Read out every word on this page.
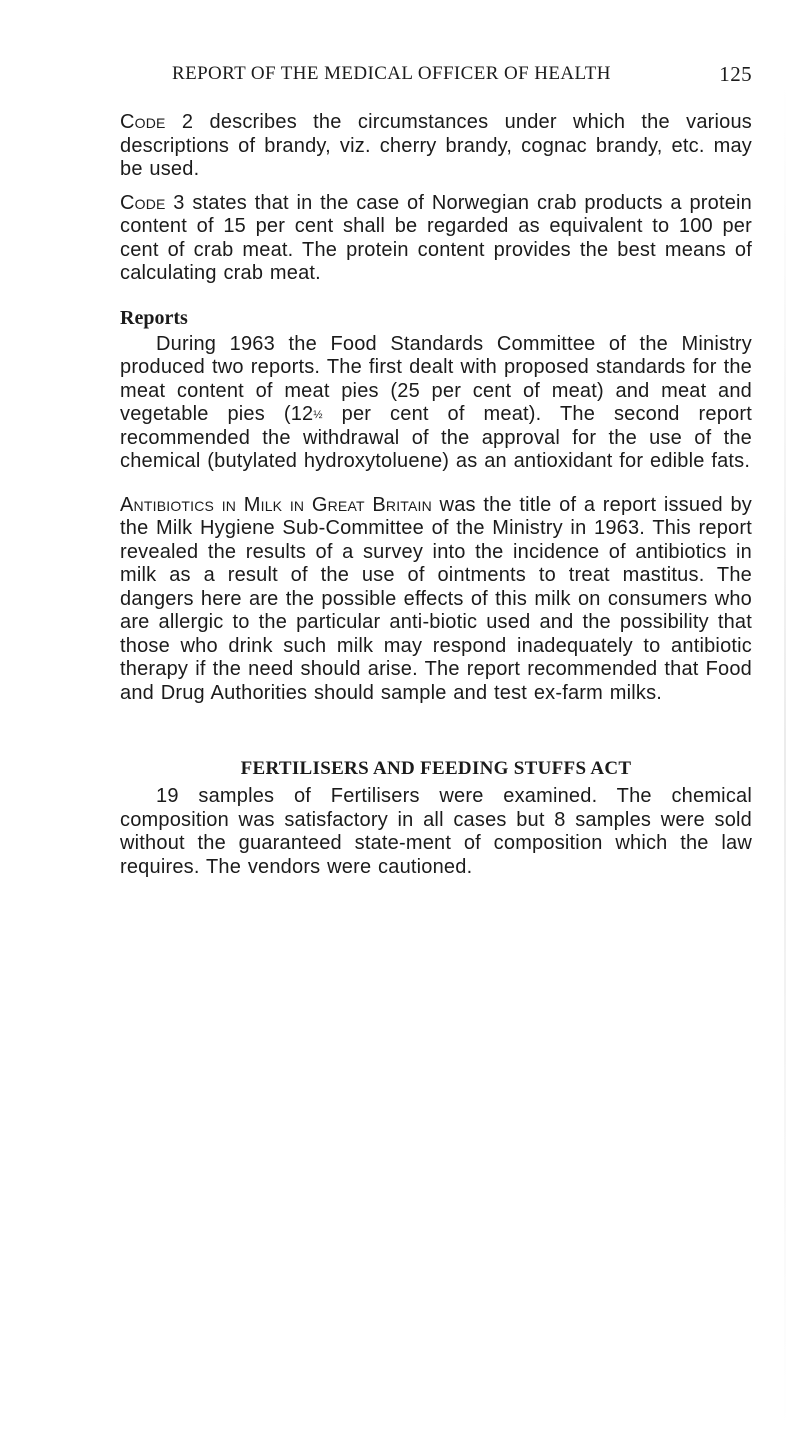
REPORT OF THE MEDICAL OFFICER OF HEALTH	125

Code 2 describes the circumstances under which the various descriptions of brandy, viz. cherry brandy, cognac brandy, etc. may be used.

Code 3 states that in the case of Norwegian crab products a protein content of 15 per cent shall be regarded as equivalent to 100 per cent of crab meat. The protein content provides the best means of calculating crab meat.

Reports

During 1963 the Food Standards Committee of the Ministry produced two reports. The first dealt with proposed standards for the meat content of meat pies (25 per cent of meat) and meat and vegetable pies (12½ per cent of meat). The second report recommended the withdrawal of the approval for the use of the chemical (butylated hydroxytoluene) as an antioxidant for edible fats.

Antibiotics in Milk in Great Britain was the title of a report issued by the Milk Hygiene Sub-Committee of the Ministry in 1963. This report revealed the results of a survey into the incidence of antibiotics in milk as a result of the use of ointments to treat mastitus. The dangers here are the possible effects of this milk on consumers who are allergic to the particular anti-biotic used and the possibility that those who drink such milk may respond inadequately to antibiotic therapy if the need should arise. The report recommended that Food and Drug Authorities should sample and test ex-farm milks.

FERTILISERS AND FEEDING STUFFS ACT

19 samples of Fertilisers were examined. The chemical composition was satisfactory in all cases but 8 samples were sold without the guaranteed state-ment of composition which the law requires. The vendors were cautioned.
